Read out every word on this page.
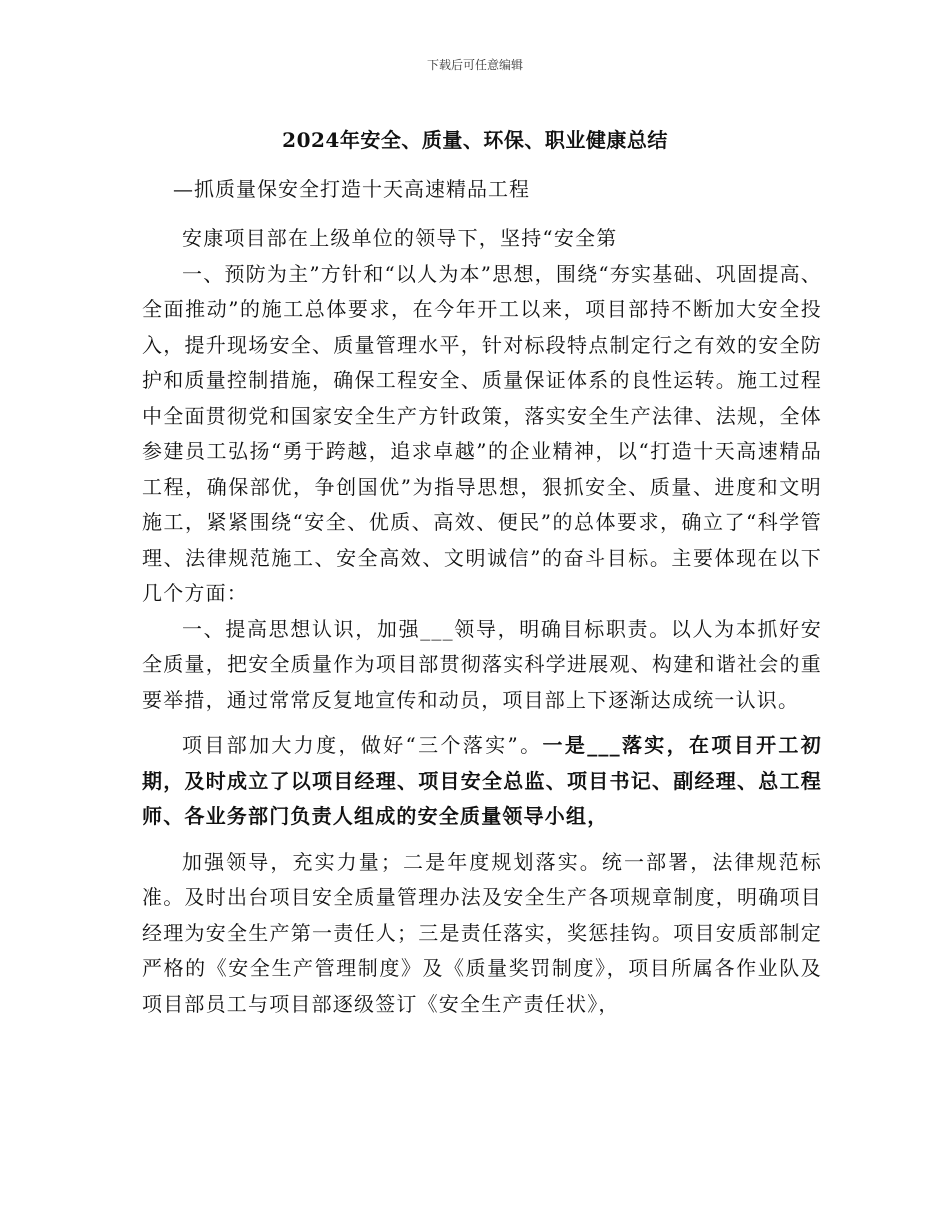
下载后可任意编辑
2024年安全、质量、环保、职业健康总结
—抓质量保安全打造十天高速精品工程

安康项目部在上级单位的领导下，坚持“安全第

一、预防为主”方针和“以人为本”思想，围绕“夯实基础、巩固提高、全面推动”的施工总体要求，在今年开工以来，项目部持不断加大安全投入，提升现场安全、质量管理水平，针对标段特点制定行之有效的安全防护和质量控制措施，确保工程安全、质量保证体系的良性运转。施工过程中全面贯彻党和国家安全生产方针政策，落实安全生产法律、法规，全体参建员工弘扬“勇于跨越，追求卓越”的企业精神，以“打造十天高速精品工程，确保部优，争创国优”为指导思想，狠抓安全、质量、进度和文明施工，紧紧围绕“安全、优质、高效、便民”的总体要求，确立了“科学管理、法律规范施工、安全高效、文明诚信”的奋斗目标。主要体现在以下几个方面：

一、提高思想认识，加强___领导，明确目标职责。以人为本抓好安全质量，把安全质量作为项目部贯彻落实科学进展观、构建和谐社会的重要举措，通过常常反复地宣传和动员，项目部上下逐渐达成统一认识。

项目部加大力度，做好“三个落实”。一是___落实，在项目开工初期，及时成立了以项目经理、项目安全总监、项目书记、副经理、总工程师、各业务部门负责人组成的安全质量领导小组，

加强领导，充实力量；二是年度规划落实。统一部署，法律规范标准。及时出台项目安全质量管理办法及安全生产各项规章制度，明确项目经理为安全生产第一责任人；三是责任落实，奖惩挂钩。项目安质部制定严格的《安全生产管理制度》及《质量奖罚制度》，项目所属各作业队及项目部员工与项目部逐级签订《安全生产责任状》，
